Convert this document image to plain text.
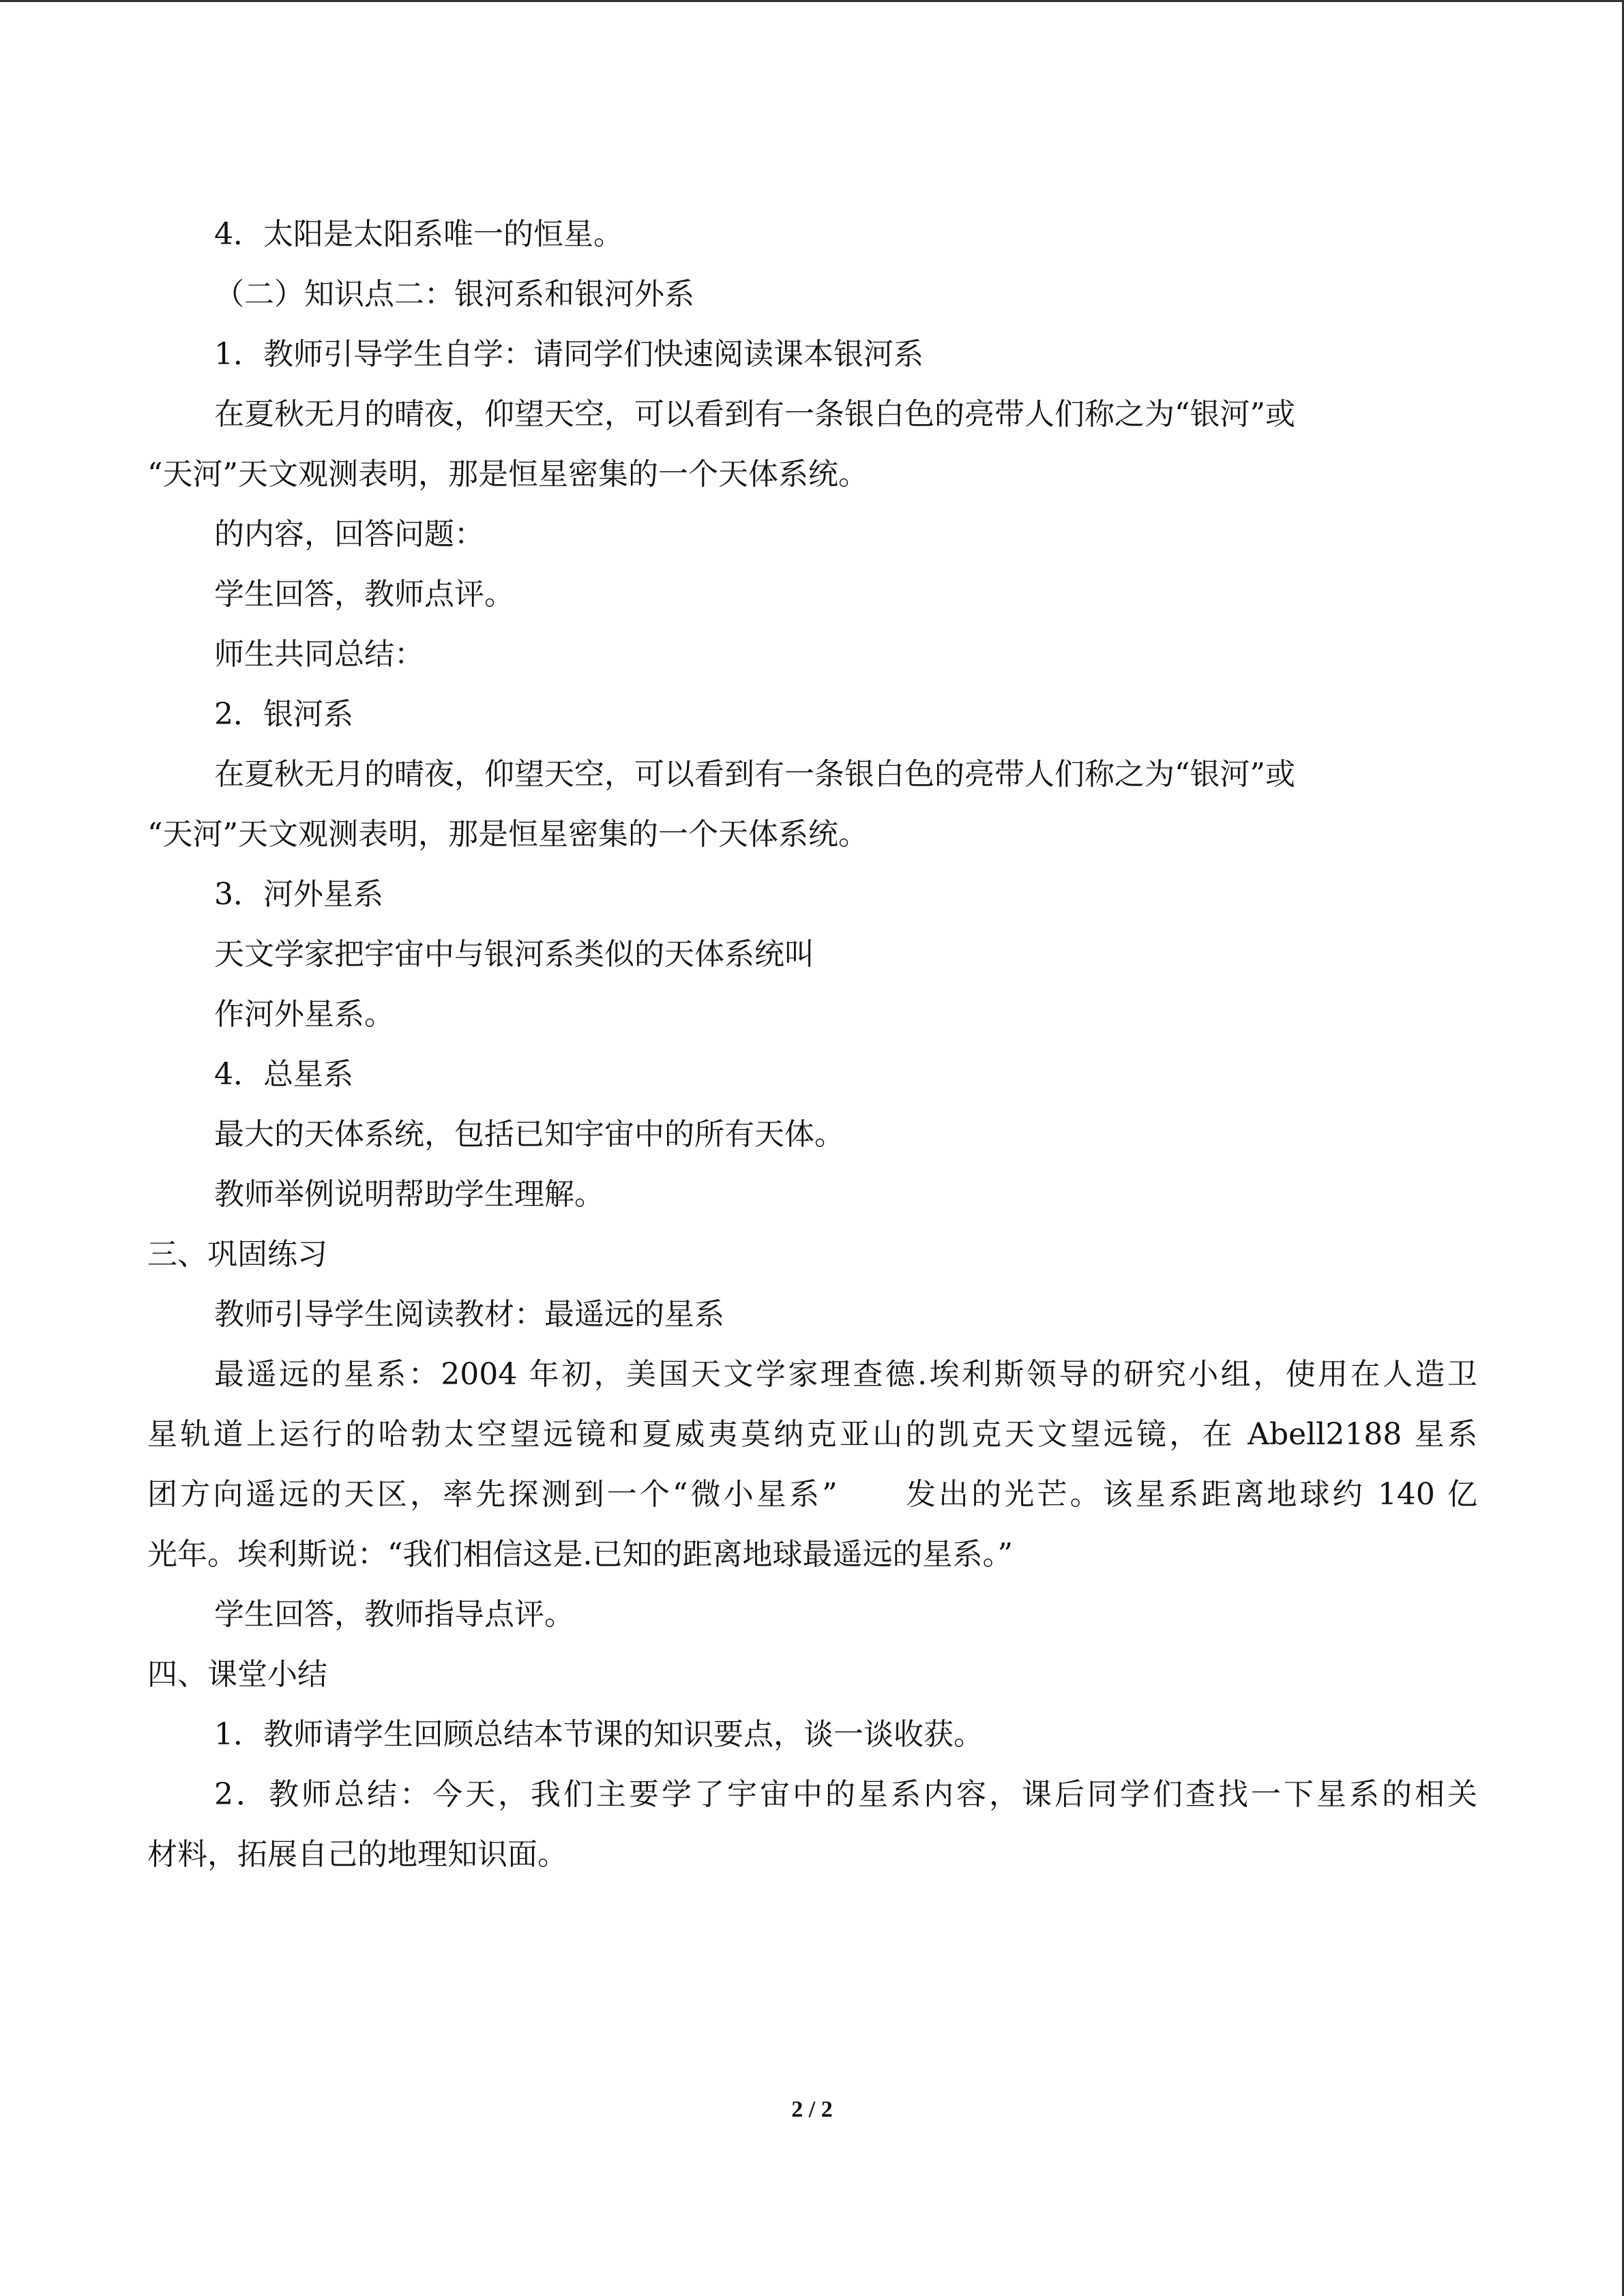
4．太阳是太阳系唯一的恒星。
（二）知识点二：银河系和银河外系
1．教师引导学生自学：请同学们快速阅读课本银河系
在夏秋无月的晴夜，仰望天空，可以看到有一条银白色的亮带人们称之为“银河”或
“天河”天文观测表明，那是恒星密集的一个天体系统。
的内容，回答问题：
学生回答，教师点评。
师生共同总结：
2．银河系
在夏秋无月的晴夜，仰望天空，可以看到有一条银白色的亮带人们称之为“银河”或
“天河”天文观测表明，那是恒星密集的一个天体系统。
3．河外星系
天文学家把宇宙中与银河系类似的天体系统叫
作河外星系。
4．总星系
最大的天体系统，包括已知宇宙中的所有天体。
教师举例说明帮助学生理解。
三、巩固练习
教师引导学生阅读教材：最遥远的星系
最遥远的星系：2004 年初，美国天文学家理查德.埃利斯领导的研究小组，使用在人造卫
星轨道上运行的哈勃太空望远镜和夏威夷莫纳克亚山的凯克天文望远镜，在 Abell2188 星系
团方向遥远的天区，率先探测到一个“微小星系”　　发出的光芒。该星系距离地球约 140 亿
光年。埃利斯说：“我们相信这是.已知的距离地球最遥远的星系。”
学生回答，教师指导点评。
四、课堂小结
1．教师请学生回顾总结本节课的知识要点，谈一谈收获。
2．教师总结：今天，我们主要学了宇宙中的星系内容，课后同学们查找一下星系的相关
材料，拓展自己的地理知识面。
2 / 2
